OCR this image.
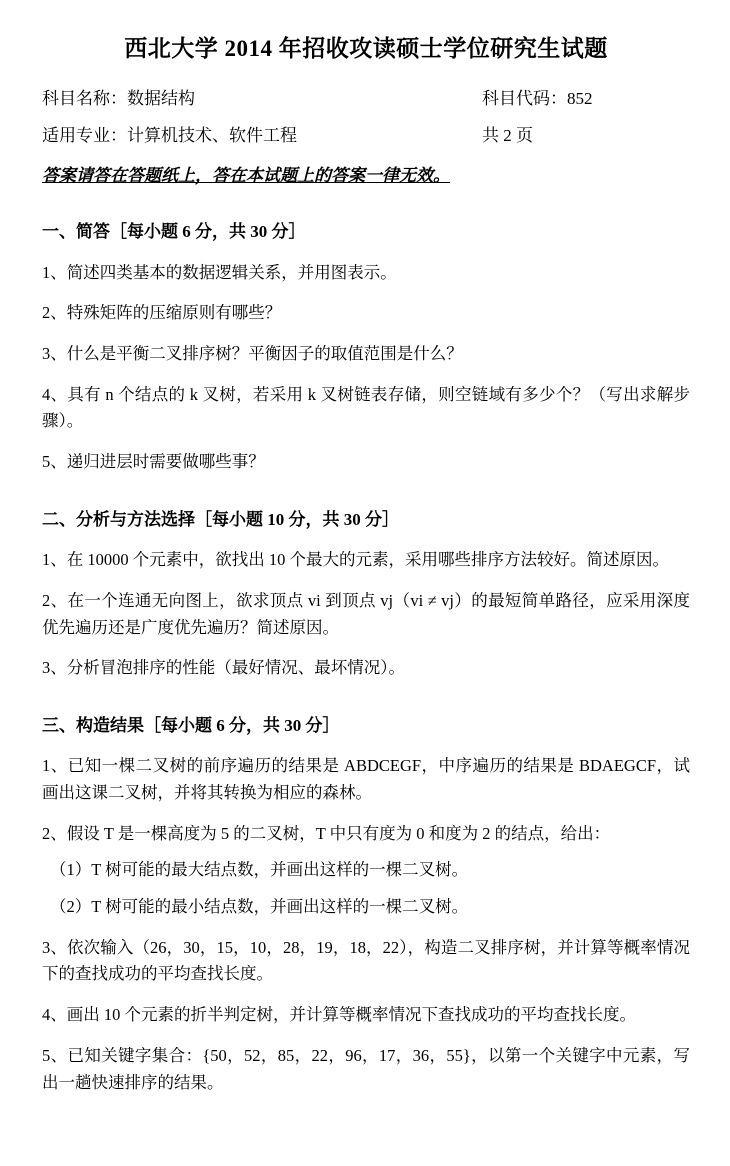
西北大学 2014 年招收攻读硕士学位研究生试题
科目名称：数据结构	科目代码：852
适用专业：计算机技术、软件工程	共 2 页
答案请答在答题纸上，答在本试题上的答案一律无效。
一、简答［每小题 6 分，共 30 分］
1、简述四类基本的数据逻辑关系，并用图表示。
2、特殊矩阵的压缩原则有哪些？
3、什么是平衡二叉排序树？平衡因子的取值范围是什么？
4、具有 n 个结点的 k 叉树，若采用 k 叉树链表存储，则空链域有多少个？（写出求解步骤）。
5、递归进层时需要做哪些事？
二、分析与方法选择［每小题 10 分，共 30 分］
1、在 10000 个元素中，欲找出 10 个最大的元素，采用哪些排序方法较好。简述原因。
2、在一个连通无向图上，欲求顶点 vi 到顶点 vj（vi ≠ vj）的最短简单路径，应采用深度优先遍历还是广度优先遍历？简述原因。
3、分析冒泡排序的性能（最好情况、最坏情况）。
三、构造结果［每小题 6 分，共 30 分］
1、已知一棵二叉树的前序遍历的结果是 ABDCEGF，中序遍历的结果是 BDAEGCF，试画出这课二叉树，并将其转换为相应的森林。
2、假设 T 是一棵高度为 5 的二叉树，T 中只有度为 0 和度为 2 的结点，给出：
（1）T 树可能的最大结点数，并画出这样的一棵二叉树。
（2）T 树可能的最小结点数，并画出这样的一棵二叉树。
3、依次输入（26，30，15，10，28，19，18，22），构造二叉排序树，并计算等概率情况下的查找成功的平均查找长度。
4、画出 10 个元素的折半判定树，并计算等概率情况下查找成功的平均查找长度。
5、已知关键字集合：{50，52，85，22，96，17，36，55}，以第一个关键字中元素，写出一趟快速排序的结果。
